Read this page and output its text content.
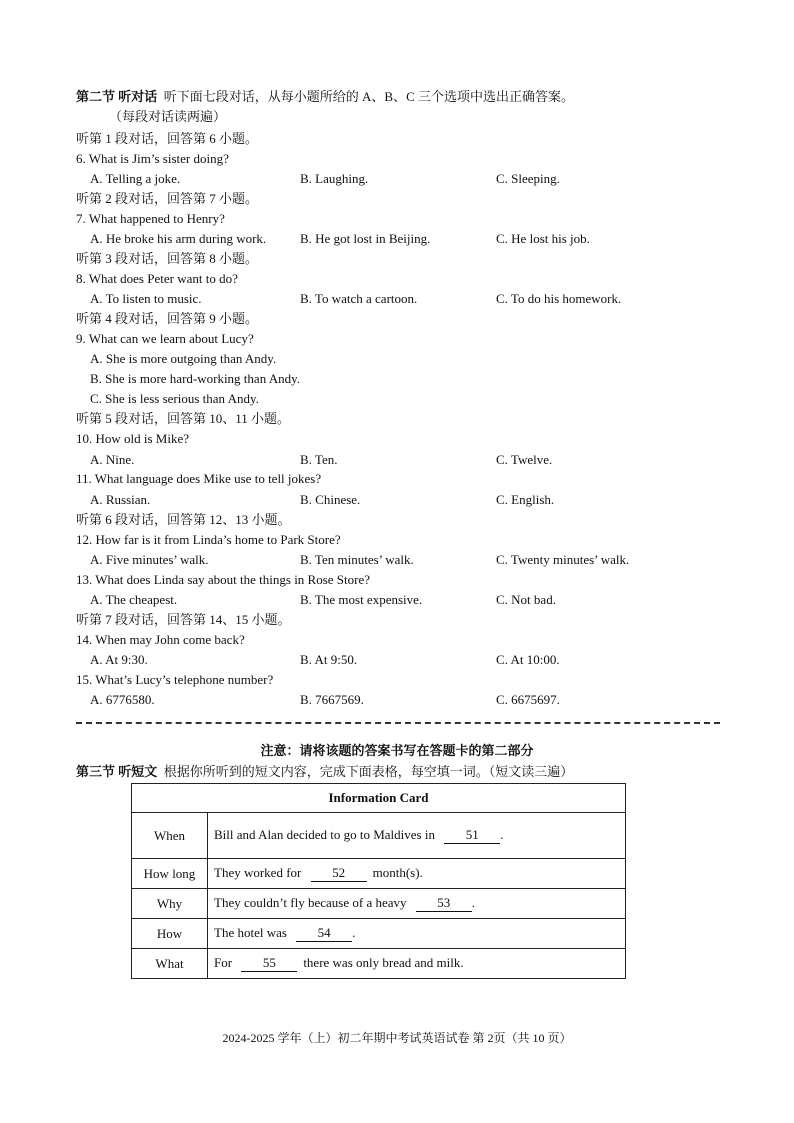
第二节 听对话 听下面七段对话，从每小题所给的 A、B、C 三个选项中选出正确答案。
（每段对话读两遍）
听第 1 段对话，回答第 6 小题。
6. What is Jim’s sister doing?
A. Telling a joke.	B. Laughing.	C. Sleeping.
听第 2 段对话，回答第 7 小题。
7. What happened to Henry?
A. He broke his arm during work.	B. He got lost in Beijing.	C. He lost his job.
听第 3 段对话，回答第 8 小题。
8. What does Peter want to do?
A. To listen to music.	B. To watch a cartoon.	C. To do his homework.
听第 4 段对话，回答第 9 小题。
9. What can we learn about Lucy?
A. She is more outgoing than Andy.
B. She is more hard-working than Andy.
C. She is less serious than Andy.
听第 5 段对话，回答第 10、11 小题。
10. How old is Mike?
A. Nine.	B. Ten.	C. Twelve.
11. What language does Mike use to tell jokes?
A. Russian.	B. Chinese.	C. English.
听第 6 段对话，回答第 12、13 小题。
12. How far is it from Linda’s home to Park Store?
A. Five minutes’ walk.	B. Ten minutes’ walk.	C. Twenty minutes’ walk.
13. What does Linda say about the things in Rose Store?
A. The cheapest.	B. The most expensive.	C. Not bad.
听第 7 段对话，回答第 14、15 小题。
14. When may John come back?
A. At 9:30.	B. At 9:50.	C. At 10:00.
15. What’s Lucy’s telephone number?
A. 6776580.	B. 7667569.	C. 6675697.
注意：请将该题的答案书写在答题卡的第二部分
第三节 听短文 根据你所听到的短文内容，完成下面表格，每空填一词。（短文读三遍）
Information Card	
When	Bill and Alan decided to go to Maldives in 51 .
How long	They worked for 52 month(s).
Why	They couldn’t fly because of a heavy 53 .
How	The hotel was 54 .
What	For 55 there was only bread and milk.
2024-2025 学年（上）初二年期中考试英语试卷 第 2页（共 10 页）
